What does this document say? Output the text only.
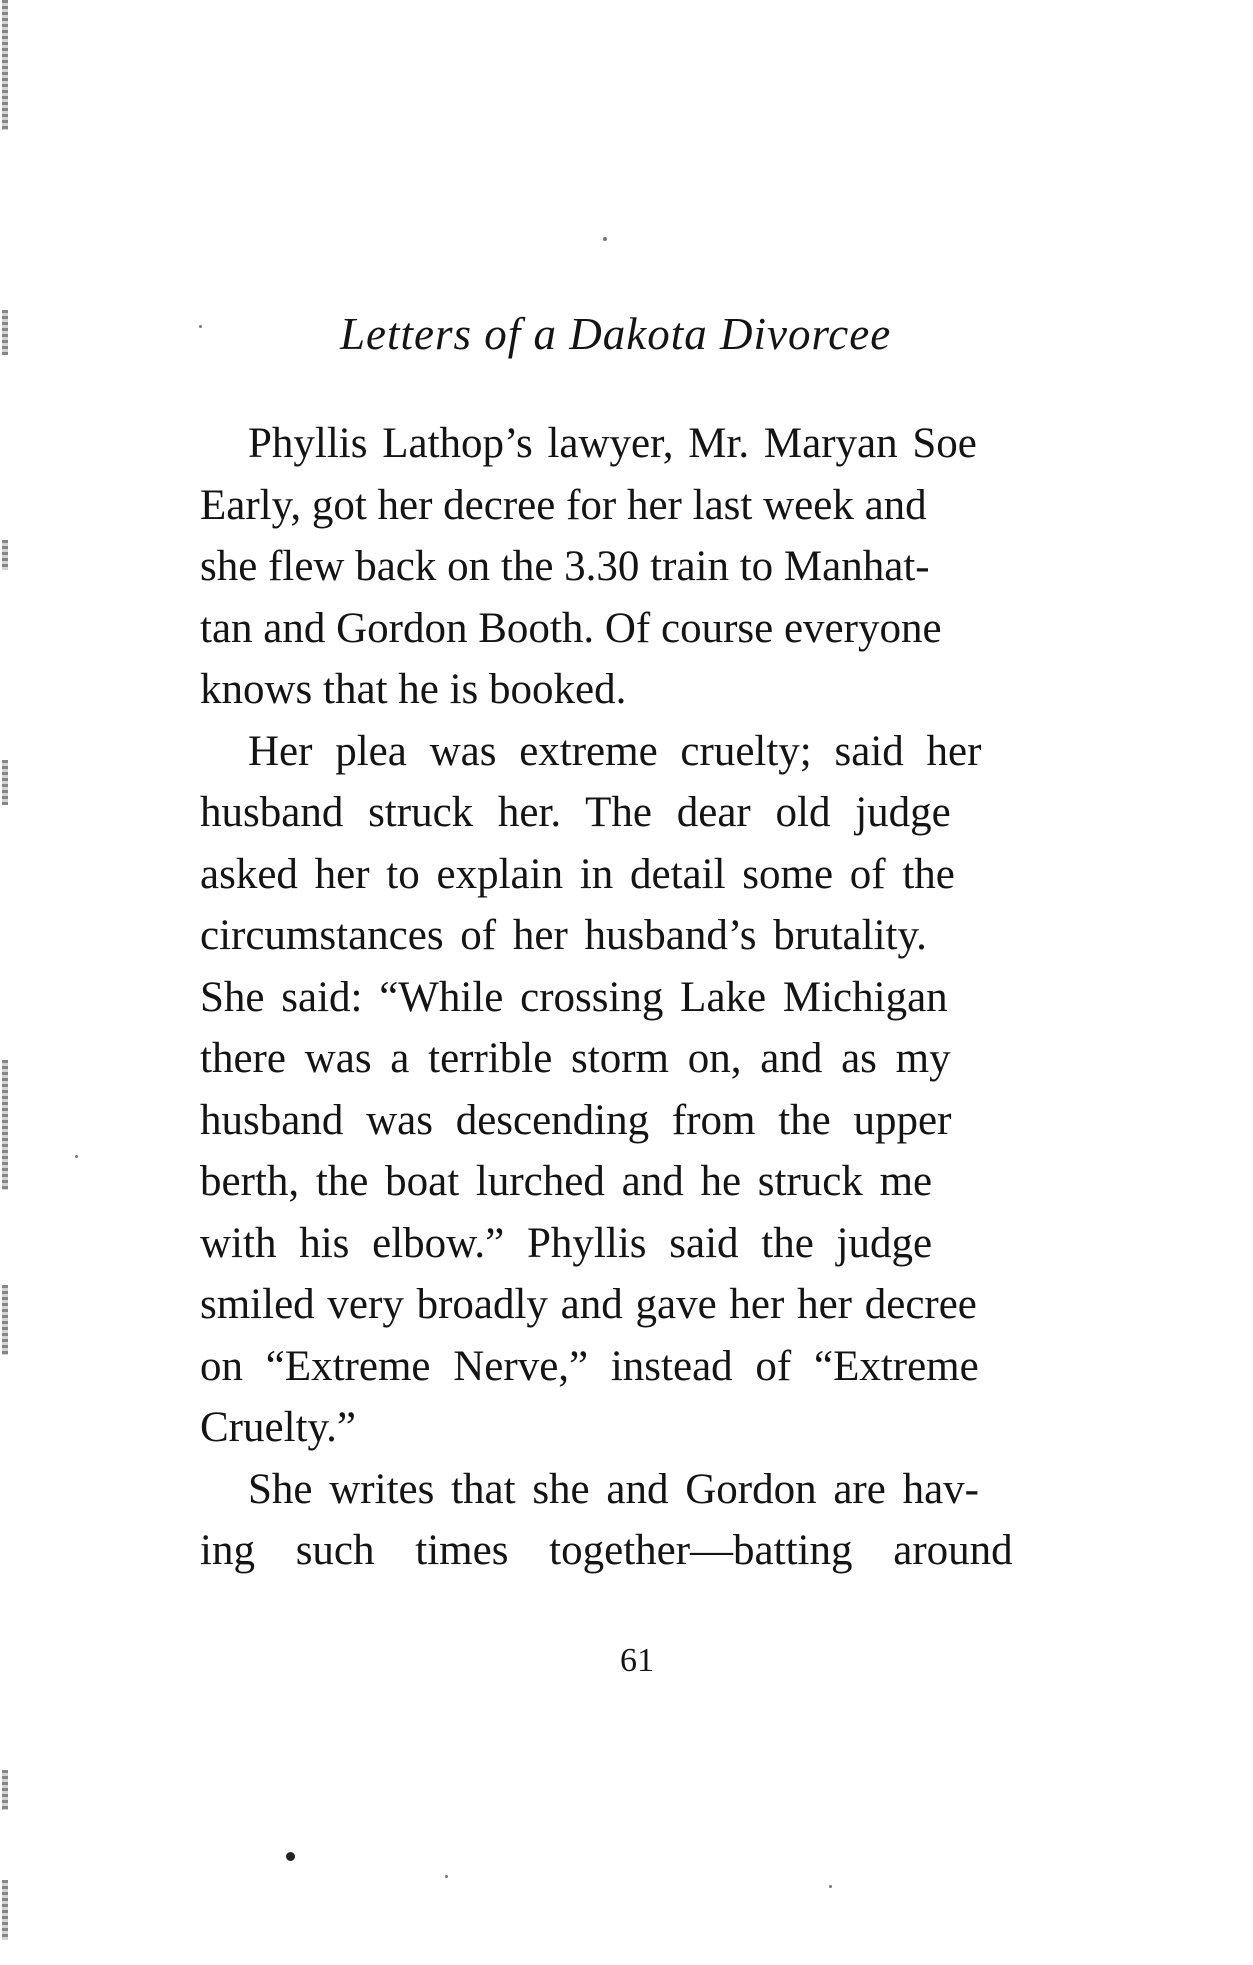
Letters of a Dakota Divorcee
Phyllis Lathop’s lawyer, Mr. Maryan Soe
Early, got her decree for her last week and
she flew back on the 3.30 train to Manhat-
tan and Gordon Booth. Of course everyone
knows that he is booked.
Her plea was extreme cruelty; said her
husband struck her. The dear old judge
asked her to explain in detail some of the
circumstances of her husband’s brutality.
She said: “While crossing Lake Michigan
there was a terrible storm on, and as my
husband was descending from the upper
berth, the boat lurched and he struck me
with his elbow.” Phyllis said the judge
smiled very broadly and gave her her decree
on “Extreme Nerve,” instead of “Extreme
Cruelty.”
She writes that she and Gordon are hav-
ing such times together—batting around
61
